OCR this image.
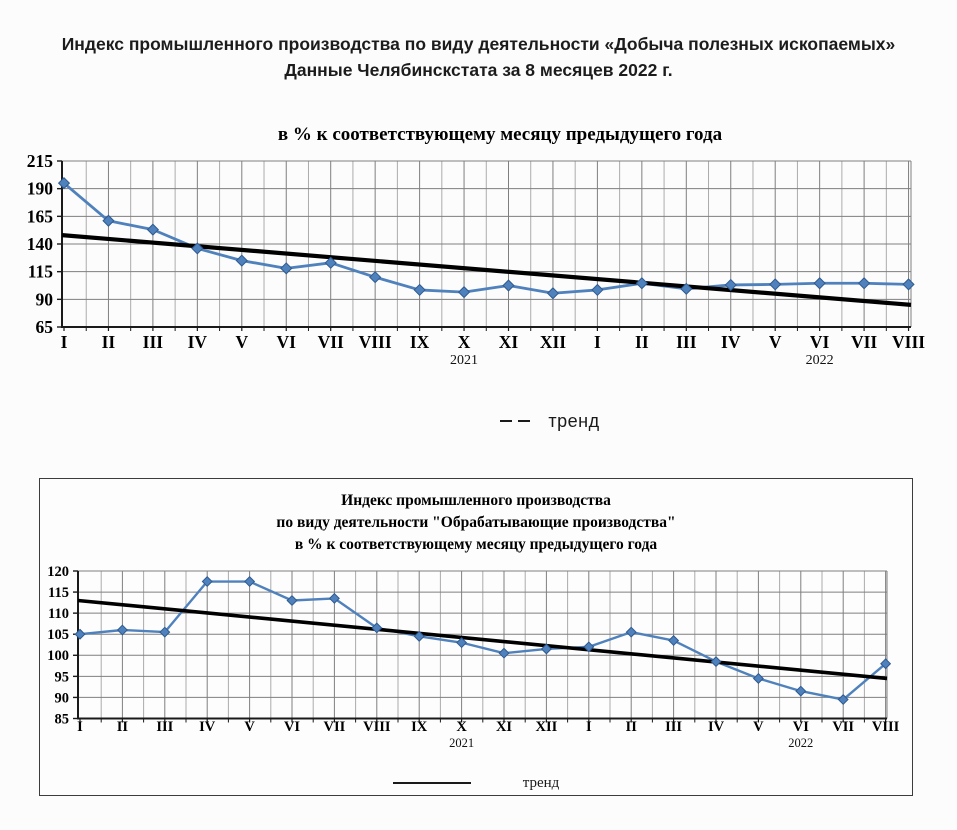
Индекс промышленного производства по виду деятельности «Добыча полезных ископаемых»
Данные Челябинскстата за 8 месяцев 2022 г.
в % к соответствующему месяцу предыдущего года
65
90
115
140
165
190
215
I II III IV V VI VII VIII IX X XI XII I II III IV V VI VII VIII
2021	2022
тренд
Индекс промышленного производства
по виду деятельности "Обрабатывающие производства"
в % к соответствующему месяцу предыдущего года
85
90
95
100
105
110
115
120
I II III IV V VI VII VIII IX X XI XII I II III IV V VI VII VIII
2021	2022
тренд
